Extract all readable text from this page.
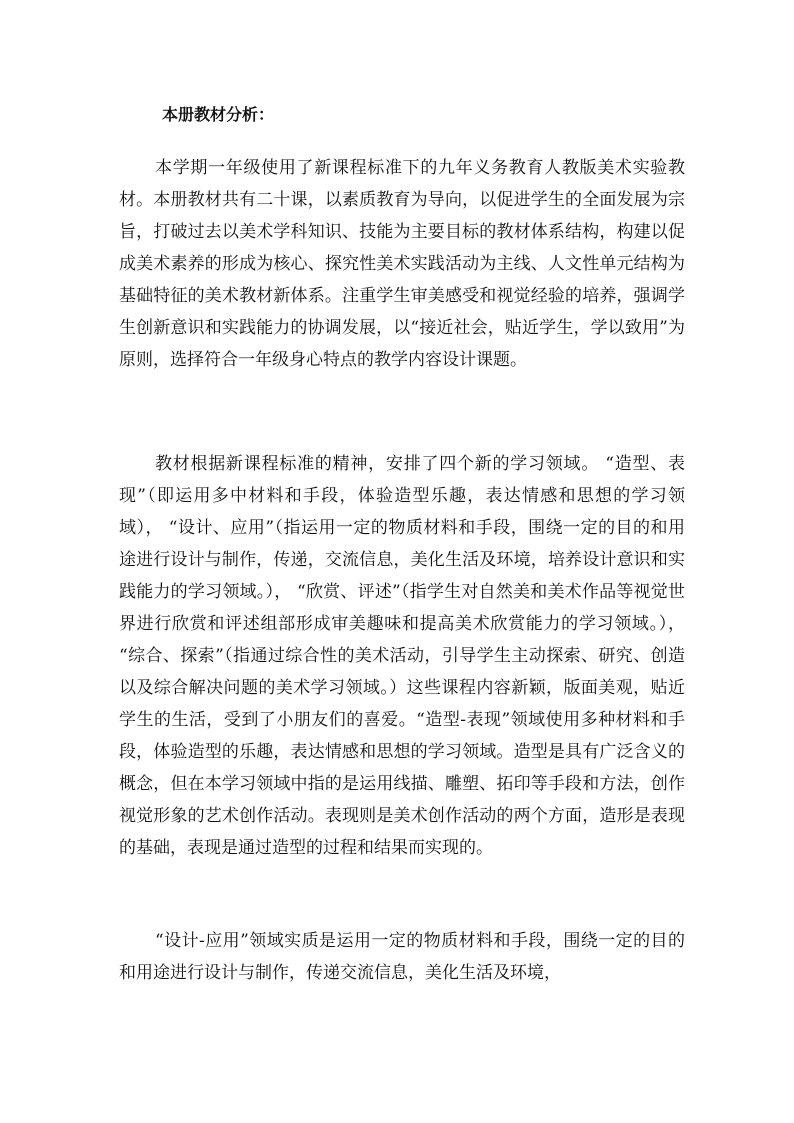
本册教材分析：

本学期一年级使用了新课程标准下的九年义务教育人教版美术实验教材。本册教材共有二十课，以素质教育为导向，以促进学生的全面发展为宗旨，打破过去以美术学科知识、技能为主要目标的教材体系结构，构建以促成美术素养的形成为核心、探究性美术实践活动为主线、人文性单元结构为基础特征的美术教材新体系。注重学生审美感受和视觉经验的培养，强调学生创新意识和实践能力的协调发展，以“接近社会，贴近学生，学以致用”为原则，选择符合一年级身心特点的教学内容设计课题。

教材根据新课程标准的精神，安排了四个新的学习领域。 “造型、表现”（即运用多中材料和手段，体验造型乐趣，表达情感和思想的学习领域）， “设计、应用”（指运用一定的物质材料和手段，围绕一定的目的和用途进行设计与制作，传递，交流信息，美化生活及环境，培养设计意识和实践能力的学习领域。）， “欣赏、评述”（指学生对自然美和美术作品等视觉世界进行欣赏和评述组部形成审美趣味和提高美术欣赏能力的学习领域。）， “综合、探索”（指通过综合性的美术活动，引导学生主动探索、研究、创造以及综合解决问题的美术学习领域。）这些课程内容新颖，版面美观，贴近学生的生活，受到了小朋友们的喜爱。“造型-表现”领域使用多种材料和手段，体验造型的乐趣，表达情感和思想的学习领域。造型是具有广泛含义的概念，但在本学习领域中指的是运用线描、雕塑、拓印等手段和方法，创作视觉形象的艺术创作活动。表现则是美术创作活动的两个方面，造形是表现的基础，表现是通过造型的过程和结果而实现的。

“设计-应用”领域实质是运用一定的物质材料和手段，围绕一定的目的和用途进行设计与制作，传递交流信息，美化生活及环境，
